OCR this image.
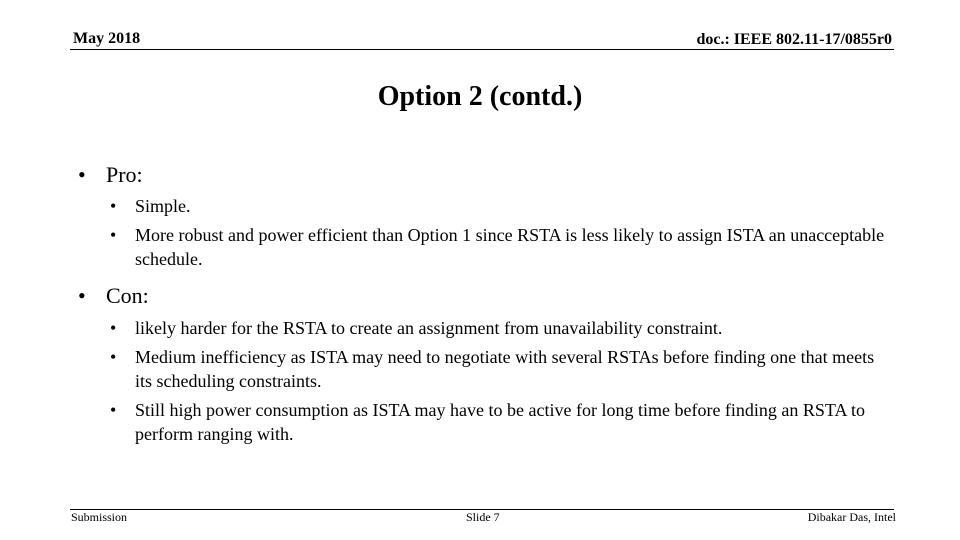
May 2018	doc.: IEEE 802.11-17/0855r0
Option 2 (contd.)
• Pro:
• Simple.
• More robust and power efficient than Option 1 since RSTA is less likely to assign ISTA an unacceptable schedule.
• Con:
• likely harder for the RSTA to create an assignment from unavailability constraint.
• Medium inefficiency as ISTA may need to negotiate with several RSTAs before finding one that meets its scheduling constraints.
• Still high power consumption as ISTA may have to be active for long time before finding an RSTA to perform ranging with.
Submission	Slide 7	Dibakar Das, Intel
